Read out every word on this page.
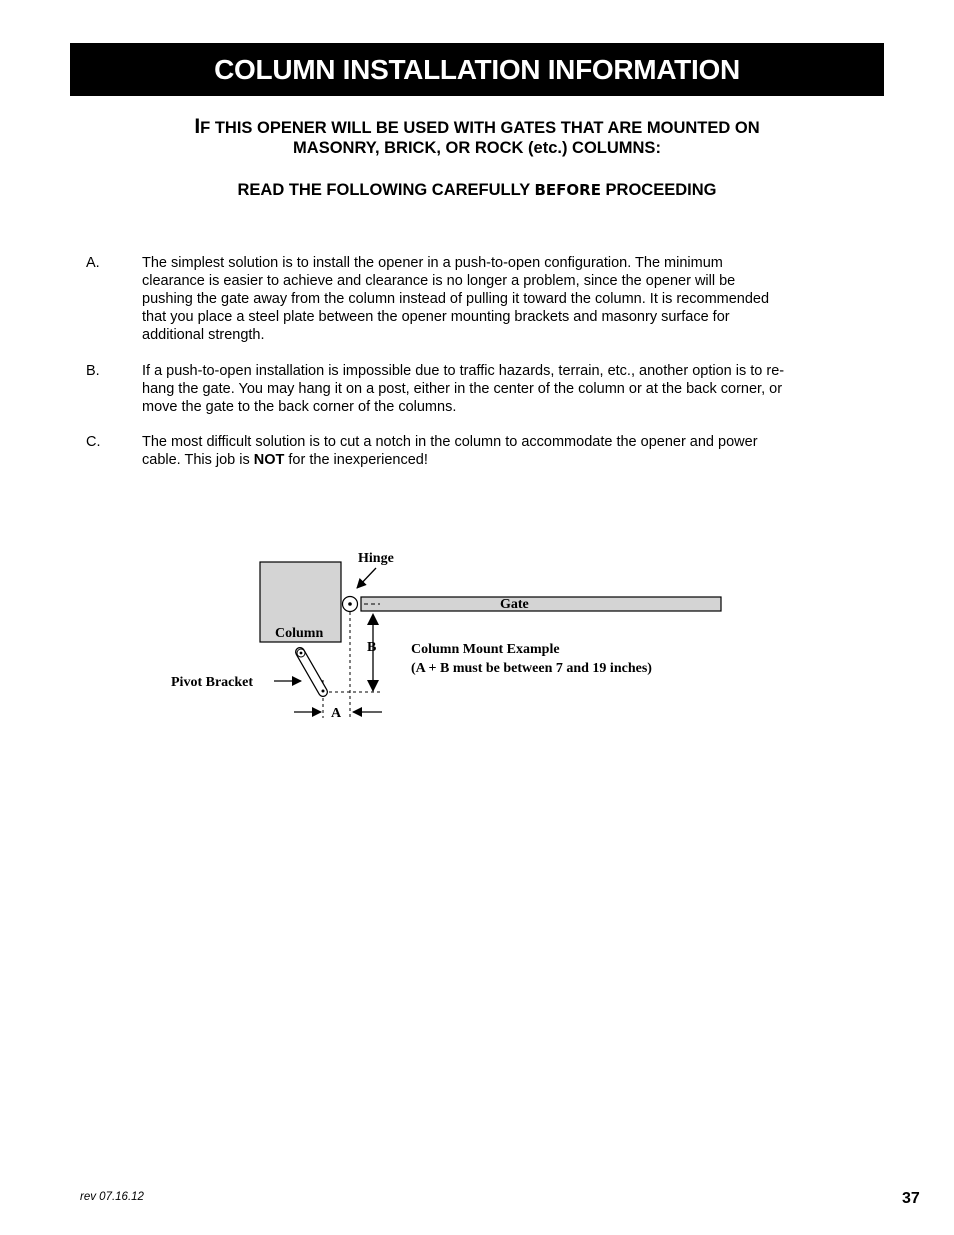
COLUMN INSTALLATION INFORMATION
IF THIS OPENER WILL BE USED WITH GATES THAT ARE MOUNTED ON
MASONRY, BRICK, OR ROCK (etc.) COLUMNS:
READ THE FOLLOWING CAREFULLY BEFORE PROCEEDING
A.	The simplest solution is to install the opener in a push-to-open configuration. The minimum
clearance is easier to achieve and clearance is no longer a problem, since the opener will be
pushing the gate away from the column instead of pulling it toward the column. It is recommended
that you place a steel plate between the opener mounting brackets and masonry surface for
additional strength.
B.	If a push-to-open installation is impossible due to traffic hazards, terrain, etc., another option is to re-
hang the gate. You may hang it on a post, either in the center of the column or at the back corner, or
move the gate to the back corner of the columns.
C.	The most difficult solution is to cut a notch in the column to accommodate the opener and power
cable. This job is NOT for the inexperienced!
Column
Gate
Hinge
Pivot Bracket
B
A
Column Mount Example
(A + B must be between 7 and 19 inches)
rev 07.16.12	37
